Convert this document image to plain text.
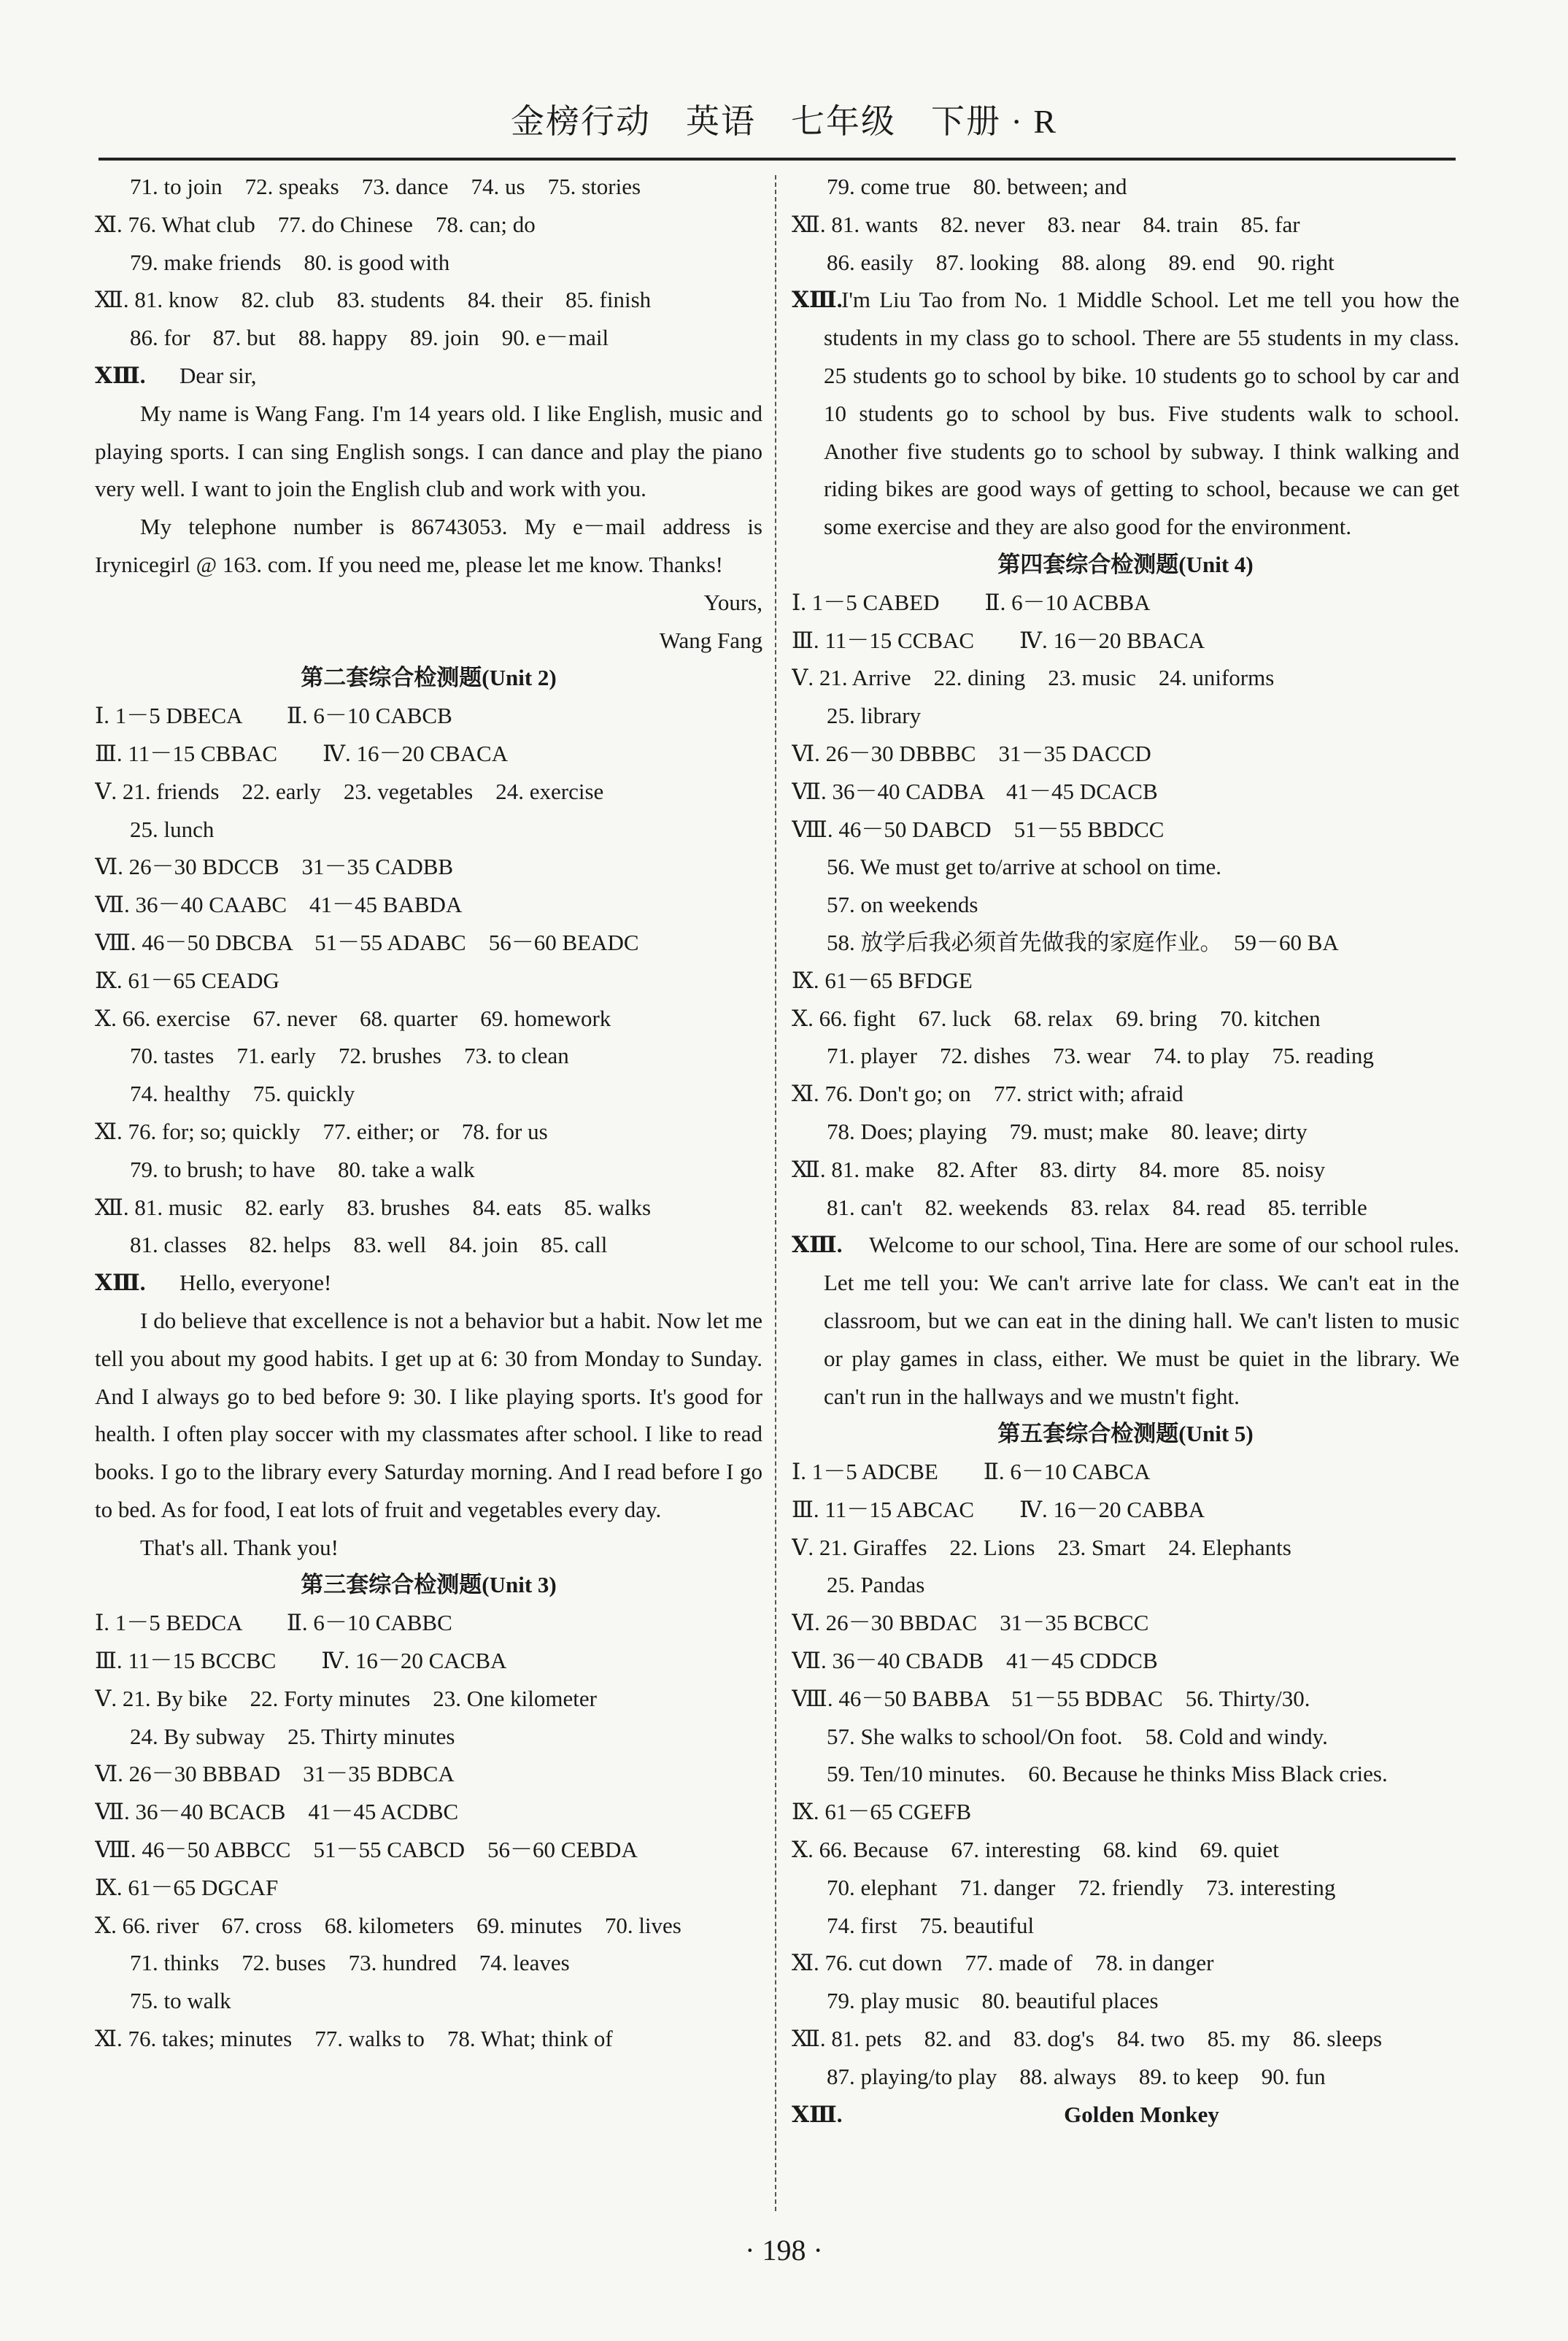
金榜行动　英语　七年级　下册 · R
71. to join　72. speaks　73. dance　74. us　75. stories
Ⅺ. 76. What club　77. do Chinese　78. can; do
79. make friends　80. is good with
Ⅻ. 81. know　82. club　83. students　84. their　85. finish
86. for　87. but　88. happy　89. join　90. e－mail
ⅩⅢ.	Dear sir,
My name is Wang Fang. I'm 14 years old. I like English, music and playing sports. I can sing English songs. I can dance and play the piano very well. I want to join the English club and work with you.
My telephone number is 86743053. My e－mail address is Irynicegirl @ 163. com. If you need me, please let me know. Thanks!
Yours,
Wang Fang
第二套综合检测题(Unit 2)
Ⅰ. 1－5 DBECA　　Ⅱ. 6－10 CABCB
Ⅲ. 11－15 CBBAC　　Ⅳ. 16－20 CBACA
Ⅴ. 21. friends　22. early　23. vegetables　24. exercise
25. lunch
Ⅵ. 26－30 BDCCB　31－35 CADBB
Ⅶ. 36－40 CAABC　41－45 BABDA
Ⅷ. 46－50 DBCBA　51－55 ADABC　56－60 BEADC
Ⅸ. 61－65 CEADG
Ⅹ. 66. exercise　67. never　68. quarter　69. homework
70. tastes　71. early　72. brushes　73. to clean
74. healthy　75. quickly
Ⅺ. 76. for; so; quickly　77. either; or　78. for us
79. to brush; to have　80. take a walk
Ⅻ. 81. music　82. early　83. brushes　84. eats　85. walks
81. classes　82. helps　83. well　84. join　85. call
ⅩⅢ.	Hello, everyone!
I do believe that excellence is not a behavior but a habit. Now let me tell you about my good habits. I get up at 6: 30 from Monday to Sunday. And I always go to bed before 9: 30. I like playing sports. It's good for health. I often play soccer with my classmates after school. I like to read books. I go to the library every Saturday morning. And I read before I go to bed. As for food, I eat lots of fruit and vegetables every day.
That's all. Thank you!
第三套综合检测题(Unit 3)
Ⅰ. 1－5 BEDCA　　Ⅱ. 6－10 CABBC
Ⅲ. 11－15 BCCBC　　Ⅳ. 16－20 CACBA
Ⅴ. 21. By bike　22. Forty minutes　23. One kilometer
24. By subway　25. Thirty minutes
Ⅵ. 26－30 BBBAD　31－35 BDBCA
Ⅶ. 36－40 BCACB　41－45 ACDBC
Ⅷ. 46－50 ABBCC　51－55 CABCD　56－60 CEBDA
Ⅸ. 61－65 DGCAF
Ⅹ. 66. river　67. cross　68. kilometers　69. minutes　70. lives
71. thinks　72. buses　73. hundred　74. leaves
75. to walk
Ⅺ. 76. takes; minutes　77. walks to　78. What; think of
79. come true　80. between; and
Ⅻ. 81. wants　82. never　83. near　84. train　85. far
86. easily　87. looking　88. along　89. end　90. right
ⅩⅢ.
I'm Liu Tao from No. 1 Middle School. Let me tell you how the students in my class go to school. There are 55 students in my class. 25 students go to school by bike. 10 students go to school by car and 10 students go to school by bus. Five students walk to school. Another five students go to school by subway. I think walking and riding bikes are good ways of getting to school, because we can get some exercise and they are also good for the environment.
第四套综合检测题(Unit 4)
Ⅰ. 1－5 CABED　　Ⅱ. 6－10 ACBBA
Ⅲ. 11－15 CCBAC　　Ⅳ. 16－20 BBACA
Ⅴ. 21. Arrive　22. dining　23. music　24. uniforms
25. library
Ⅵ. 26－30 DBBBC　31－35 DACCD
Ⅶ. 36－40 CADBA　41－45 DCACB
Ⅷ. 46－50 DABCD　51－55 BBDCC
56. We must get to/arrive at school on time.
57. on weekends
58. 放学后我必须首先做我的家庭作业。　59－60 BA
Ⅸ. 61－65 BFDGE
Ⅹ. 66. fight　67. luck　68. relax　69. bring　70. kitchen
71. player　72. dishes　73. wear　74. to play　75. reading
Ⅺ. 76. Don't go; on　77. strict with; afraid
78. Does; playing　79. must; make　80. leave; dirty
Ⅻ. 81. make　82. After　83. dirty　84. more　85. noisy
81. can't　82. weekends　83. relax　84. read　85. terrible
ⅩⅢ.	Welcome to our school, Tina. Here are some of our school rules. Let me tell you: We can't arrive late for class. We can't eat in the classroom, but we can eat in the dining hall. We can't listen to music or play games in class, either. We must be quiet in the library. We can't run in the hallways and we mustn't fight.
第五套综合检测题(Unit 5)
Ⅰ. 1－5 ADCBE　　Ⅱ. 6－10 CABCA
Ⅲ. 11－15 ABCAC　　Ⅳ. 16－20 CABBA
Ⅴ. 21. Giraffes　22. Lions　23. Smart　24. Elephants
25. Pandas
Ⅵ. 26－30 BBDAC　31－35 BCBCC
Ⅶ. 36－40 CBADB　41－45 CDDCB
Ⅷ. 46－50 BABBA　51－55 BDBAC　56. Thirty/30.
57. She walks to school/On foot.　58. Cold and windy.
59. Ten/10 minutes.　60. Because he thinks Miss Black cries.
Ⅸ. 61－65 CGEFB
Ⅹ. 66. Because　67. interesting　68. kind　69. quiet
70. elephant　71. danger　72. friendly　73. interesting
74. first　75. beautiful
Ⅺ. 76. cut down　77. made of　78. in danger
79. play music　80. beautiful places
Ⅻ. 81. pets　82. and　83. dog's　84. two　85. my　86. sleeps
87. playing/to play　88. always　89. to keep　90. fun
ⅩⅢ.	Golden Monkey
· 198 ·
